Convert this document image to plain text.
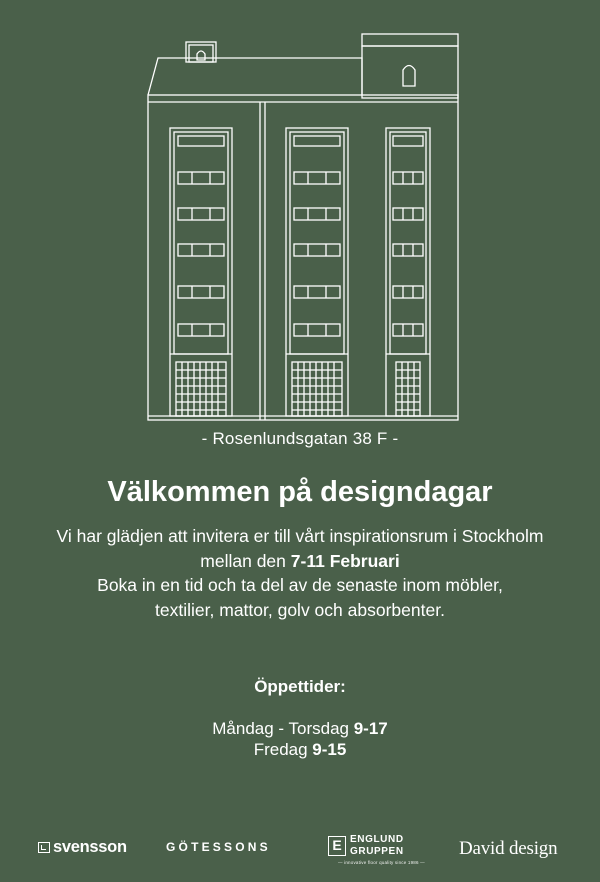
- Rosenlundsgatan 38 F -
Välkommen på designdagar

Vi har glädjen att invitera er till vårt inspirationsrum i Stockholm

mellan den 7-11 Februari

Boka in en tid och ta del av de senaste inom möbler,

textilier, mattor, golv och absorbenter.

Öppettider:

Måndag - Torsdag 9-17

Fredag 9-15

svensson	GÖTESSONS	E ENGLUND
GRUPPEN
— innovative floor quality since 1986 —
David design
